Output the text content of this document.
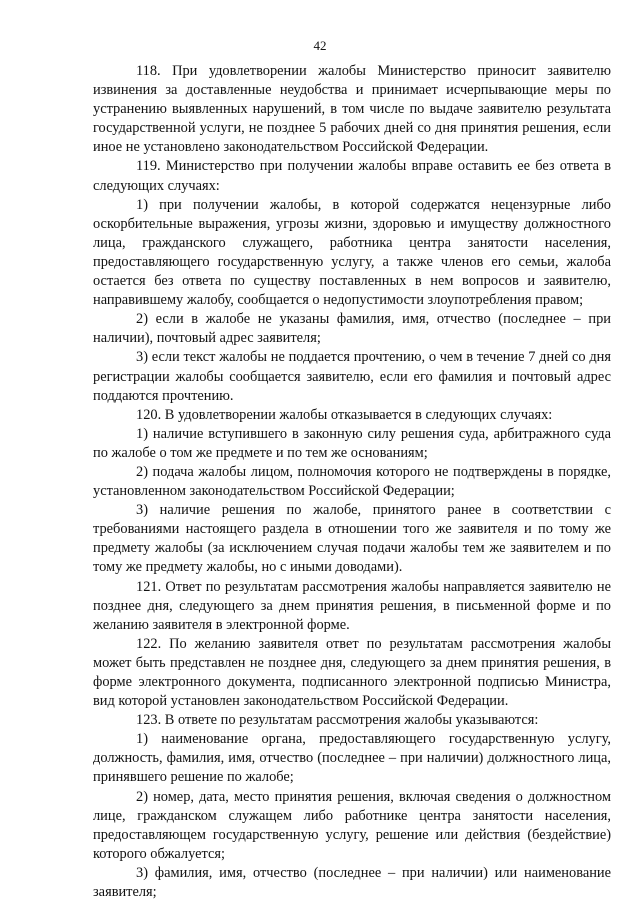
42

118. При удовлетворении жалобы Министерство приносит заявителю извинения за доставленные неудобства и принимает исчерпывающие меры по устранению выявленных нарушений, в том числе по выдаче заявителю результата государственной услуги, не позднее 5 рабочих дней со дня принятия решения, если иное не установлено законодательством Российской Федерации.

119. Министерство при получении жалобы вправе оставить ее без ответа в следующих случаях:

1) при получении жалобы, в которой содержатся нецензурные либо оскорбительные выражения, угрозы жизни, здоровью и имуществу должностного лица, гражданского служащего, работника центра занятости населения, предоставляющего государственную услугу, а также членов его семьи, жалоба остается без ответа по существу поставленных в нем вопросов и заявителю, направившему жалобу, сообщается о недопустимости злоупотребления правом;

2) если в жалобе не указаны фамилия, имя, отчество (последнее – при наличии), почтовый адрес заявителя;

3) если текст жалобы не поддается прочтению, о чем в течение 7 дней со дня регистрации жалобы сообщается заявителю, если его фамилия и почтовый адрес поддаются прочтению.

120. В удовлетворении жалобы отказывается в следующих случаях:

1) наличие вступившего в законную силу решения суда, арбитражного суда по жалобе о том же предмете и по тем же основаниям;

2) подача жалобы лицом, полномочия которого не подтверждены в порядке, установленном законодательством Российской Федерации;

3) наличие решения по жалобе, принятого ранее в соответствии с требованиями настоящего раздела в отношении того же заявителя и по тому же предмету жалобы (за исключением случая подачи жалобы тем же заявителем и по тому же предмету жалобы, но с иными доводами).

121. Ответ по результатам рассмотрения жалобы направляется заявителю не позднее дня, следующего за днем принятия решения, в письменной форме и по желанию заявителя в электронной форме.

122. По желанию заявителя ответ по результатам рассмотрения жалобы может быть представлен не позднее дня, следующего за днем принятия решения, в форме электронного документа, подписанного электронной подписью Министра, вид которой установлен законодательством Российской Федерации.

123. В ответе по результатам рассмотрения жалобы указываются:

1) наименование органа, предоставляющего государственную услугу, должность, фамилия, имя, отчество (последнее – при наличии) должностного лица, принявшего решение по жалобе;

2) номер, дата, место принятия решения, включая сведения о должностном лице, гражданском служащем либо работнике центра занятости населения, предоставляющем государственную услугу, решение или действия (бездействие) которого обжалуется;

3) фамилия, имя, отчество (последнее – при наличии) или наименование заявителя;
